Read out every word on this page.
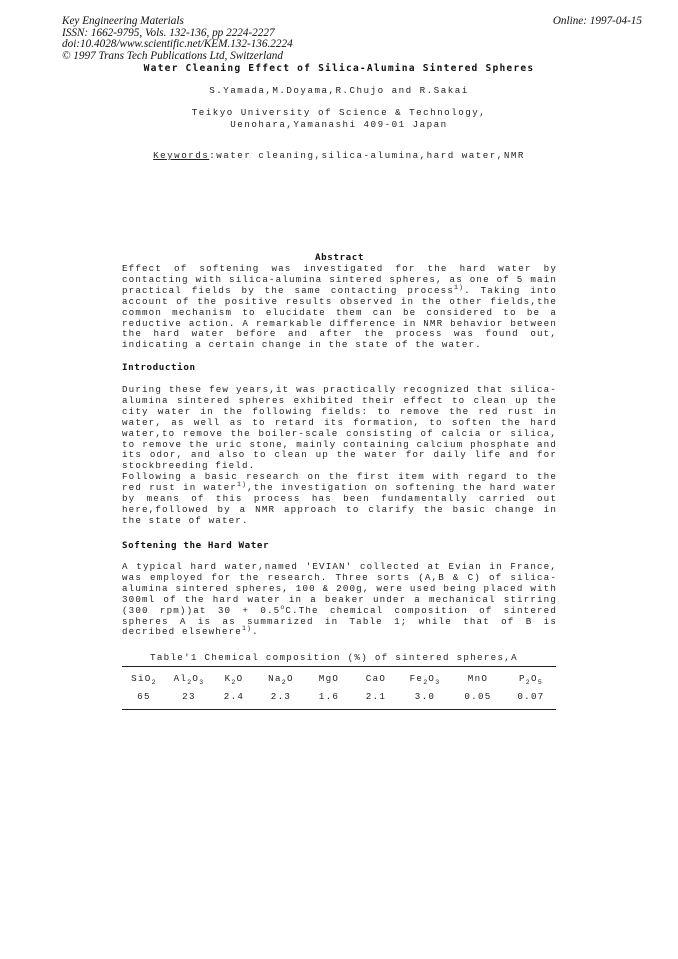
Key Engineering Materials
ISSN: 1662-9795, Vols. 132-136, pp 2224-2227
doi:10.4028/www.scientific.net/KEM.132-136.2224
© 1997 Trans Tech Publications Ltd, Switzerland
Online: 1997-04-15
Water Cleaning Effect of Silica-Alumina Sintered Spheres
S.Yamada,M.Doyama,R.Chujo and R.Sakai
Teikyo University of Science & Technology,
Uenohara,Yamanashi 409-01 Japan
Keywords:water cleaning,silica-alumina,hard water,NMR
Abstract

Effect of softening was investigated for the hard water by contacting with silica-alumina sintered spheres, as one of 5 main practical fields by the same contacting process$^{1)}$. Taking into account of the positive results observed in the other fields,the common mechanism to elucidate them can be considered to be a reductive action. A remarkable difference in NMR behavior between the hard water before and after the process was found out, indicating a certain change in the state of the water.

Introduction

During these few years,it was practically recognized that silica-alumina sintered spheres exhibited their effect to clean up the city water in the following fields: to remove the red rust in water, as well as to retard its formation, to soften the hard water,to remove the boiler-scale consisting of calcia or silica, to remove the uric stone, mainly containing calcium phosphate and its odor, and also to clean up the water for daily life and for stockbreeding field.

Following a basic research on the first item with regard to the red rust in water$^{1)}$,the investigation on softening the hard water by means of this process has been fundamentally carried out here,followed by a NMR approach to clarify the basic change in the state of water.

Softening the Hard Water

A typical hard water,named 'EVIAN' collected at Evian in France, was employed for the research. Three sorts (A,B & C) of silica-alumina sintered spheres, 100 & 200g, were used being placed with 300ml of the hard water in a beaker under a mechanical stirring (300 rpm))at $30 + 0.5^oC.The$ chemical composition of sintered spheres A is as summarized in Table 1; while that of B is decribed elsewhere$^{1)}$.

Table'1 Chemical composition (%) of sintered spheres,A
SiO$_2$	$Al_2O_3$	$K_2O$	$Na_2O$	MgO	CaO	$Fe_2O_3$	MnO	$P_2O_5$
65	23	2.4	2.3	1.6	2.1	3.0	0.05	0.07
